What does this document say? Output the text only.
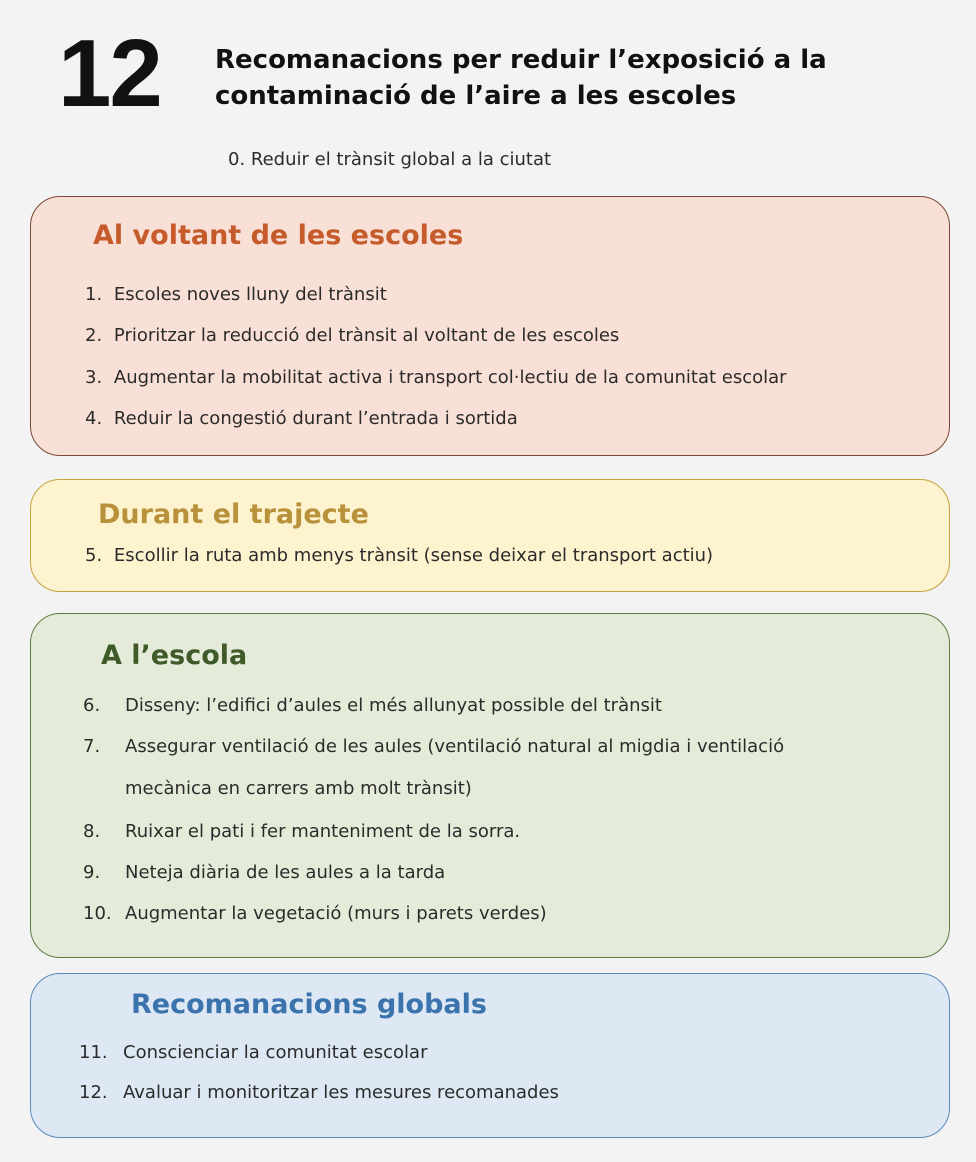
12 Recomanacions per reduir l’exposició a la
contaminació de l’aire a les escoles
0. Reduir el trànsit global a la ciutat
Al voltant de les escoles
1. Escoles noves lluny del trànsit
2. Prioritzar la reducció del trànsit al voltant de les escoles
3. Augmentar la mobilitat activa i transport col·lectiu de la comunitat escolar
4. Reduir la congestió durant l’entrada i sortida
Durant el trajecte
5. Escollir la ruta amb menys trànsit (sense deixar el transport actiu)
A l’escola
6. Disseny: l’edifici d’aules el més allunyat possible del trànsit
7.	Assegurar ventilació de les aules (ventilació natural al migdia i ventilació mecànica en carrers amb molt trànsit)
8. Ruixar el pati i fer manteniment de la sorra.
9. Neteja diària de les aules a la tarda
10. Augmentar la vegetació (murs i parets verdes)
Recomanacions globals
11. Conscienciar la comunitat escolar
12. Avaluar i monitoritzar les mesures recomanades
